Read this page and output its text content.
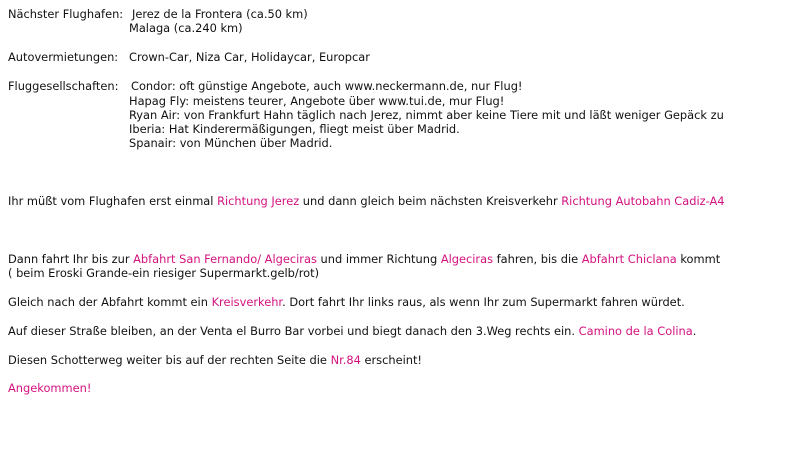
Nächster Flughafen: Jerez de la Frontera (ca.50 km)
Malaga (ca.240 km)
Autovermietungen: Crown-Car, Niza Car, Holidaycar, Europcar
Fluggesellschaften: Condor: oft günstige Angebote, auch www.neckermann.de, nur Flug!
Hapag Fly: meistens teurer, Angebote über www.tui.de, mur Flug!
Ryan Air: von Frankfurt Hahn täglich nach Jerez, nimmt aber keine Tiere mit und läßt weniger Gepäck zu
Iberia: Hat Kinderermäßigungen, fliegt meist über Madrid.
Spanair: von München über Madrid.
Ihr müßt vom Flughafen erst einmal Richtung Jerez und dann gleich beim nächsten Kreisverkehr Richtung Autobahn Cadiz-A4
Dann fahrt Ihr bis zur Abfahrt San Fernando/ Algeciras und immer Richtung Algeciras fahren, bis die Abfahrt Chiclana kommt
( beim Eroski Grande-ein riesiger Supermarkt.gelb/rot)
Gleich nach der Abfahrt kommt ein Kreisverkehr. Dort fahrt Ihr links raus, als wenn Ihr zum Supermarkt fahren würdet.
Auf dieser Straße bleiben, an der Venta el Burro Bar vorbei und biegt danach den 3.Weg rechts ein. Camino de la Colina.
Diesen Schotterweg weiter bis auf der rechten Seite die Nr.84 erscheint!
Angekommen!
